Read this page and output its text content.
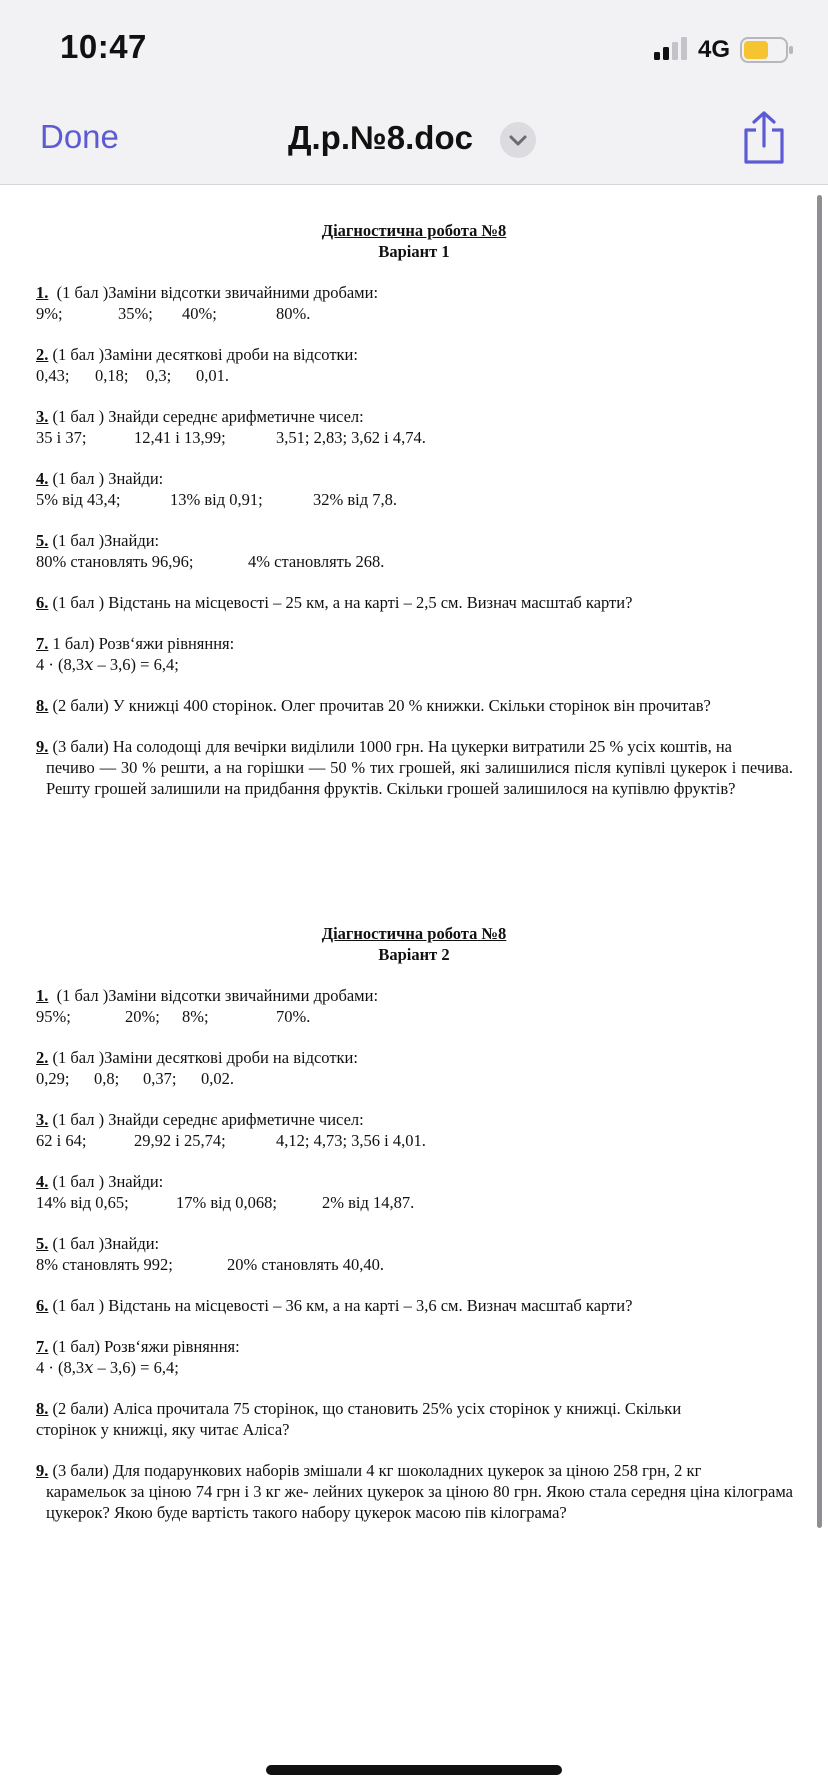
10:47	4G
Done	Д.р.№8.doc
Діагностична робота №8
Варіант 1
1. (1 бал )Заміни відсотки звичайними дробами:
9%;	35%; 40%;	80%.
2. (1 бал )Заміни десяткові дроби на відсотки:
0,43; 0,18; 0,3; 0,01.
3. (1 бал ) Знайди середнє арифметичне чисел:
35 і 37;	12,41 і 13,99;	3,51; 2,83; 3,62 і 4,74.
4. (1 бал ) Знайди:
5% від 43,4;	13% від 0,91;	32% від 7,8.
5. (1 бал )Знайди:
80% становлять 96,96;	4% становлять 268.
6. (1 бал ) Відстань на місцевості – 25 км, а на карті – 2,5 см. Визнач масштаб карти?
7. 1 бал) Розв‘яжи рівняння:
4 · (8,3𝑥 – 3,6) = 6,4;
8. (2 бали) У книжці 400 сторінок. Олег прочитав 20 % книжки. Скільки сторінок він прочитав?
9. (3 бали) На солодощі для вечірки виділили 1000 грн. На цукерки витратили 25 % усіх коштів, на
печиво — 30 % решти, а на горішки — 50 % тих грошей, які залишилися після купівлі цукерок і печива. Решту грошей залишили на придбання фруктів. Скільки грошей залишилося на купівлю фруктів?
Діагностична робота №8
Варіант 2
1. (1 бал )Заміни відсотки звичайними дробами:
95%;	20%; 8%;	70%.
2. (1 бал )Заміни десяткові дроби на відсотки:
0,29; 0,8; 0,37; 0,02.
3. (1 бал ) Знайди середнє арифметичне чисел:
62 і 64;	29,92 і 25,74;	4,12; 4,73; 3,56 і 4,01.
4. (1 бал ) Знайди:
14% від 0,65;	17% від 0,068;	2% від 14,87.
5. (1 бал )Знайди:
8% становлять 992;	20% становлять 40,40.
6. (1 бал ) Відстань на місцевості – 36 км, а на карті – 3,6 см. Визнач масштаб карти?
7. (1 бал) Розв‘яжи рівняння:
4 · (8,3𝑥 – 3,6) = 6,4;
8. (2 бали) Аліса прочитала 75 сторінок, що становить 25% усіх сторінок у книжці. Скільки
сторінок у книжці, яку читає Аліса?
9. (3 бали) Для подарункових наборів змішали 4 кг шоколадних цукерок за ціною 258 грн, 2 кг
карамельок за ціною 74 грн і 3 кг же- лейних цукерок за ціною 80 грн. Якою стала середня ціна кілограма цукерок? Якою буде вартість такого набору цукерок масою пів кілограма?
